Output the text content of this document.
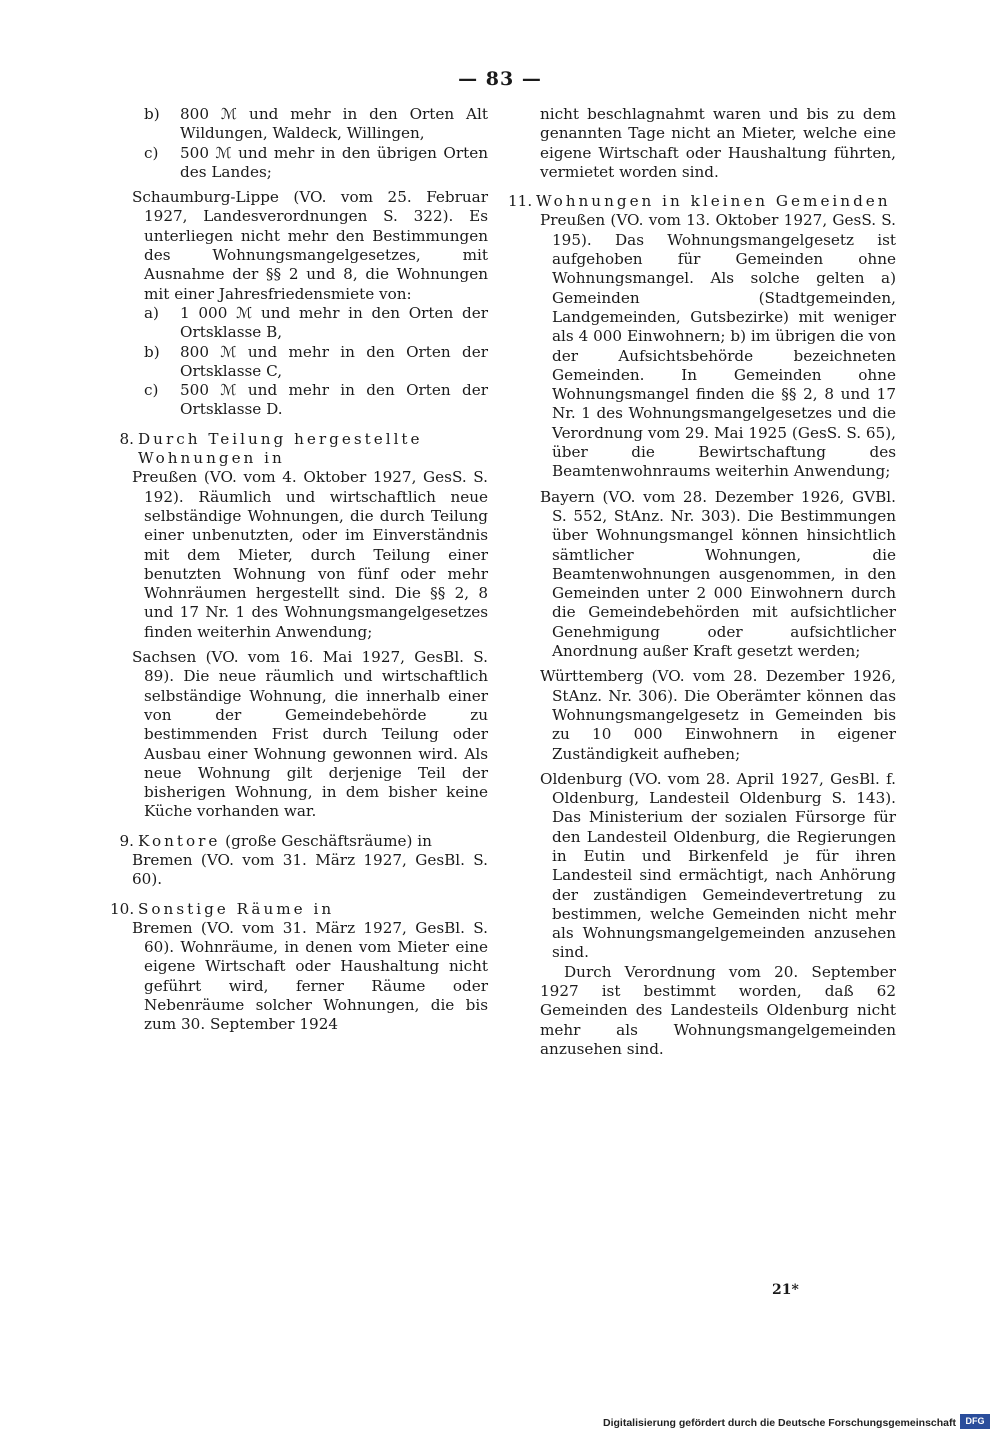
— 83 —
b)	800 ℳ und mehr in den Orten Alt Wildungen, Waldeck, Willingen,
c)	500 ℳ und mehr in den übrigen Orten des Landes;

Schaumburg-Lippe (VO. vom 25. Februar 1927, Landesverordnungen S. 322). Es unterliegen nicht mehr den Bestimmungen des Wohnungsmangelgesetzes, mit Ausnahme der §§ 2 und 8, die Wohnungen mit einer Jahresfriedensmiete von:

a)	1 000 ℳ und mehr in den Orten der Ortsklasse B,
b)	800 ℳ und mehr in den Orten der Ortsklasse C,
c)	500 ℳ und mehr in den Orten der Ortsklasse D.
8. Durch Teilung hergestellte Wohnungen in

Preußen (VO. vom 4. Oktober 1927, GesS. S. 192). Räumlich und wirtschaftlich neue selbständige Wohnungen, die durch Teilung einer unbenutzten, oder im Einverständnis mit dem Mieter, durch Teilung einer benutzten Wohnung von fünf oder mehr Wohnräumen hergestellt sind. Die §§ 2, 8 und 17 Nr. 1 des Wohnungsmangelgesetzes finden weiterhin Anwendung;

Sachsen (VO. vom 16. Mai 1927, GesBl. S. 89). Die neue räumlich und wirtschaftlich selbständige Wohnung, die innerhalb einer von der Gemeindebehörde zu bestimmenden Frist durch Teilung oder Ausbau einer Wohnung gewonnen wird. Als neue Wohnung gilt derjenige Teil der bisherigen Wohnung, in dem bisher keine Küche vorhanden war.

9. Kontore (große Geschäftsräume) in

Bremen (VO. vom 31. März 1927, GesBl. S. 60).

10. Sonstige Räume in

Bremen (VO. vom 31. März 1927, GesBl. S. 60). Wohnräume, in denen vom Mieter eine eigene Wirtschaft oder Haushaltung nicht geführt wird, ferner Räume oder Nebenräume solcher Wohnungen, die bis zum 30. September 1924

nicht beschlagnahmt waren und bis zu dem genannten Tage nicht an Mieter, welche eine eigene Wirtschaft oder Haushaltung führten, vermietet worden sind.

11. Wohnungen in kleinen Gemeinden

Preußen (VO. vom 13. Oktober 1927, GesS. S. 195). Das Wohnungsmangelgesetz ist aufgehoben für Gemeinden ohne Wohnungsmangel. Als solche gelten a) Gemeinden (Stadtgemeinden, Landgemeinden, Gutsbezirke) mit weniger als 4 000 Einwohnern; b) im übrigen die von der Aufsichtsbehörde bezeichneten Gemeinden. In Gemeinden ohne Wohnungsmangel finden die §§ 2, 8 und 17 Nr. 1 des Wohnungsmangelgesetzes und die Verordnung vom 29. Mai 1925 (GesS. S. 65), über die Bewirtschaftung des Beamtenwohnraums weiterhin Anwendung;

Bayern (VO. vom 28. Dezember 1926, GVBl. S. 552, StAnz. Nr. 303). Die Bestimmungen über Wohnungsmangel können hinsichtlich sämtlicher Wohnungen, die Beamtenwohnungen ausgenommen, in den Gemeinden unter 2 000 Einwohnern durch die Gemeindebehörden mit aufsichtlicher Genehmigung oder aufsichtlicher Anordnung außer Kraft gesetzt werden;

Württemberg (VO. vom 28. Dezember 1926, StAnz. Nr. 306). Die Oberämter können das Wohnungsmangelgesetz in Gemeinden bis zu 10 000 Einwohnern in eigener Zuständigkeit aufheben;

Oldenburg (VO. vom 28. April 1927, GesBl. f. Oldenburg, Landesteil Oldenburg S. 143). Das Ministerium der sozialen Fürsorge für den Landesteil Oldenburg, die Regierungen in Eutin und Birkenfeld je für ihren Landesteil sind ermächtigt, nach Anhörung der zuständigen Gemeindevertretung zu bestimmen, welche Gemeinden nicht mehr als Wohnungsmangelgemeinden anzusehen sind.

Durch Verordnung vom 20. September 1927 ist bestimmt worden, daß 62 Gemeinden des Landesteils Oldenburg nicht mehr als Wohnungsmangelgemeinden anzusehen sind.

21*
Digitalisierung gefördert durch die Deutsche Forschungsgemeinschaft	DFG
